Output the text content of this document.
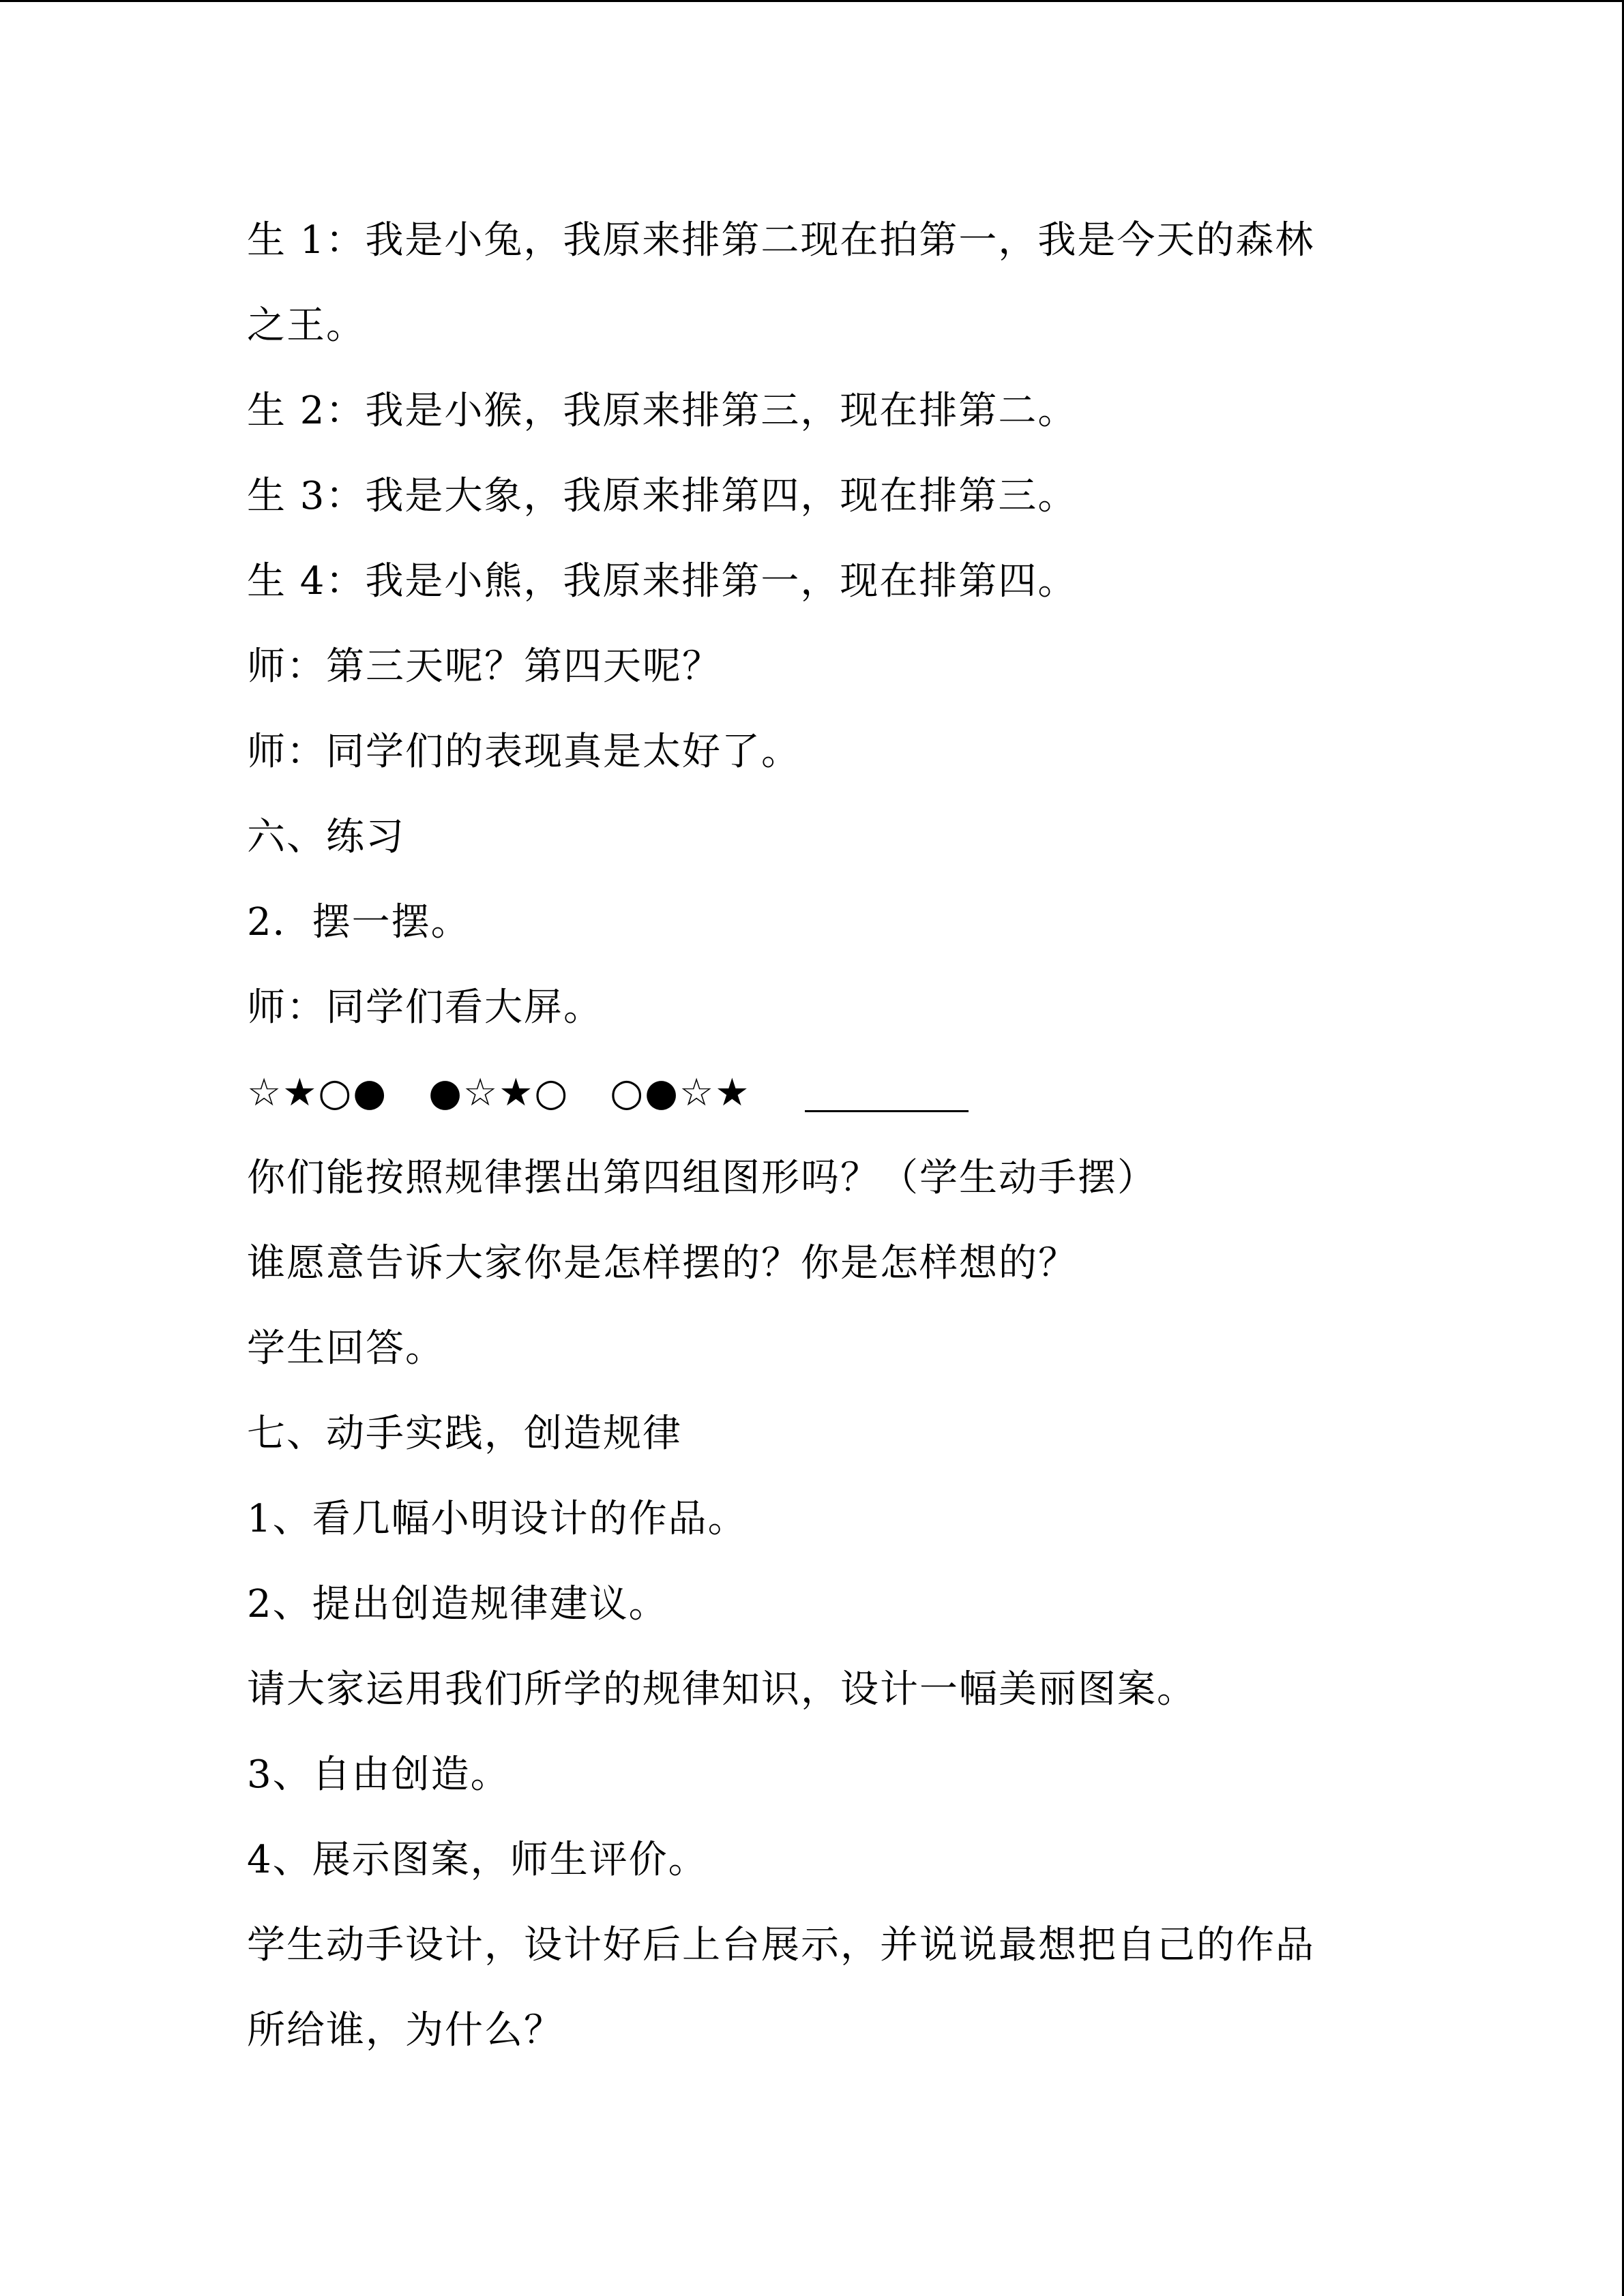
生 1：我是小兔，我原来排第二现在拍第一，我是今天的森林
之王。
生 2：我是小猴，我原来排第三，现在排第二。
生 3：我是大象，我原来排第四，现在排第三。
生 4：我是小熊，我原来排第一，现在排第四。
师：第三天呢？第四天呢？
师：同学们的表现真是太好了。
六、练习
2．摆一摆。
师：同学们看大屏。
☆★○● ●☆★○ ○●☆★
你们能按照规律摆出第四组图形吗？（学生动手摆）
谁愿意告诉大家你是怎样摆的？你是怎样想的？
学生回答。
七、动手实践，创造规律
1、看几幅小明设计的作品。
2、提出创造规律建议。
请大家运用我们所学的规律知识，设计一幅美丽图案。
3、自由创造。
4、展示图案，师生评价。
学生动手设计，设计好后上台展示，并说说最想把自己的作品
所给谁，为什么？
